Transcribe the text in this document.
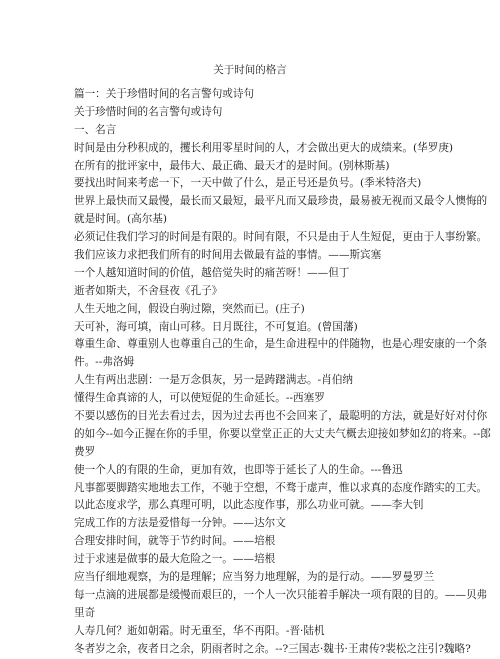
关于时间的格言
篇一：关于珍惜时间的名言警句或诗句
关于珍惜时间的名言警句或诗句
一、名言
时间是由分秒积成的，攫长利用零星时间的人，才会做出更大的成绩来。(华罗庚)
在所有的批评家中，最伟大、最正确、最天才的是时间。(别林斯基)
要找出时间来考虑一下，一天中做了什么，是正号还是负号。(季米特洛夫)
世界上最快而又最慢，最长而又最短，最平凡而又最珍贵，最易被无视而又最令人懊悔的
就是时间。(高尔基)
必须记住我们学习的时间是有限的。时间有限，不只是由于人生短促，更由于人事纷繁。
我们应该力求把我们所有的时间用去做最有益的事情。——斯宾塞
一个人越知道时间的价值，越倍觉失时的痛苦呀！——但丁
逝者如斯夫，不舍昼夜《孔子》
人生天地之间，假设白驹过隙，突然而已。(庄子)
天可补，海可填，南山可移。日月既往，不可复追。(曾国藩)
尊重生命、尊重别人也尊重自己的生命，是生命进程中的伴随物，也是心理安康的一个条
件。--弗洛姆
人生有两出悲剧：一是万念俱灰，另一是踌躇满志。-肖伯纳
懂得生命真谛的人，可以使短促的生命延长。--西塞罗
不要以感伤的目光去看过去，因为过去再也不会回来了，最聪明的方法，就是好好对付你
的如今--如今正握在你的手里，你要以堂堂正正的大丈夫气概去迎接如梦如幻的将来。--郎
费罗
使一个人的有限的生命，更加有效，也即等于延长了人的生命。---鲁迅
凡事都要脚踏实地地去工作，不驰于空想，不骛于虚声，惟以求真的态度作踏实的工夫。
以此态度求学，那么真理可明，以此态度作事，那么功业可就。——李大钊
完成工作的方法是爱惜每一分钟。——达尔文
合理安排时间，就等于节约时间。——培根
过于求速是做事的最大危险之一。——培根
应当仔细地观察，为的是理解；应当努力地理解，为的是行动。——罗曼罗兰
每一点滴的进展都是缓慢而艰巨的，一个人一次只能着手解决一项有限的目的。——贝弗
里奇
人寿几何？逝如朝霜。时无重至，华不再阳。-晋·陆机
冬者岁之余，夜者日之余，阴雨者时之余。--?三国志·魏书·王肃传?裴松之注引?魏略?
